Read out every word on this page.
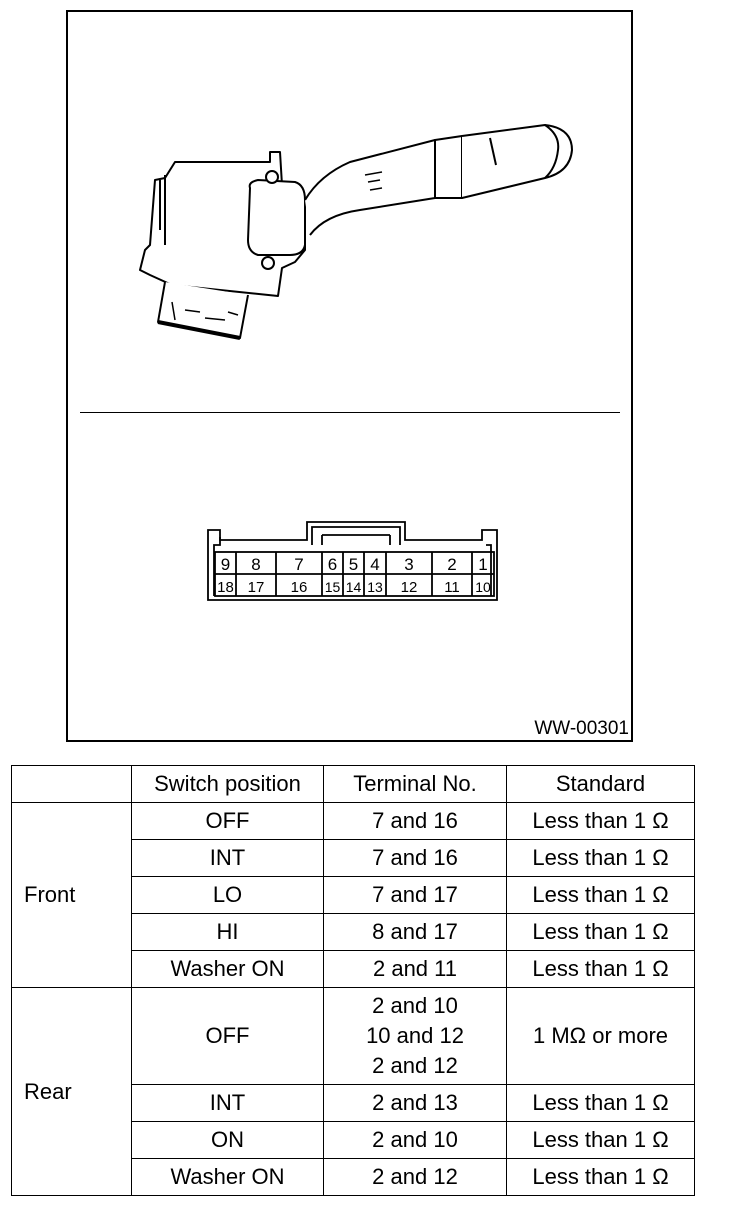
9 8 7 6 5 4 3 2 1
18 17 16 15 14 13 12 11 10
WW-00301
	Switch position	Terminal No.	Standard
Front	OFF	7 and 16	Less than 1 Ω
	INT	7 and 16	Less than 1 Ω
	LO	7 and 17	Less than 1 Ω
	HI	8 and 17	Less than 1 Ω
	Washer ON	2 and 11	Less than 1 Ω
Rear	OFF	2 and 10
10 and 12
2 and 12	1 MΩ or more
	INT	2 and 13	Less than 1 Ω
	ON	2 and 10	Less than 1 Ω
	Washer ON	2 and 12	Less than 1 Ω
